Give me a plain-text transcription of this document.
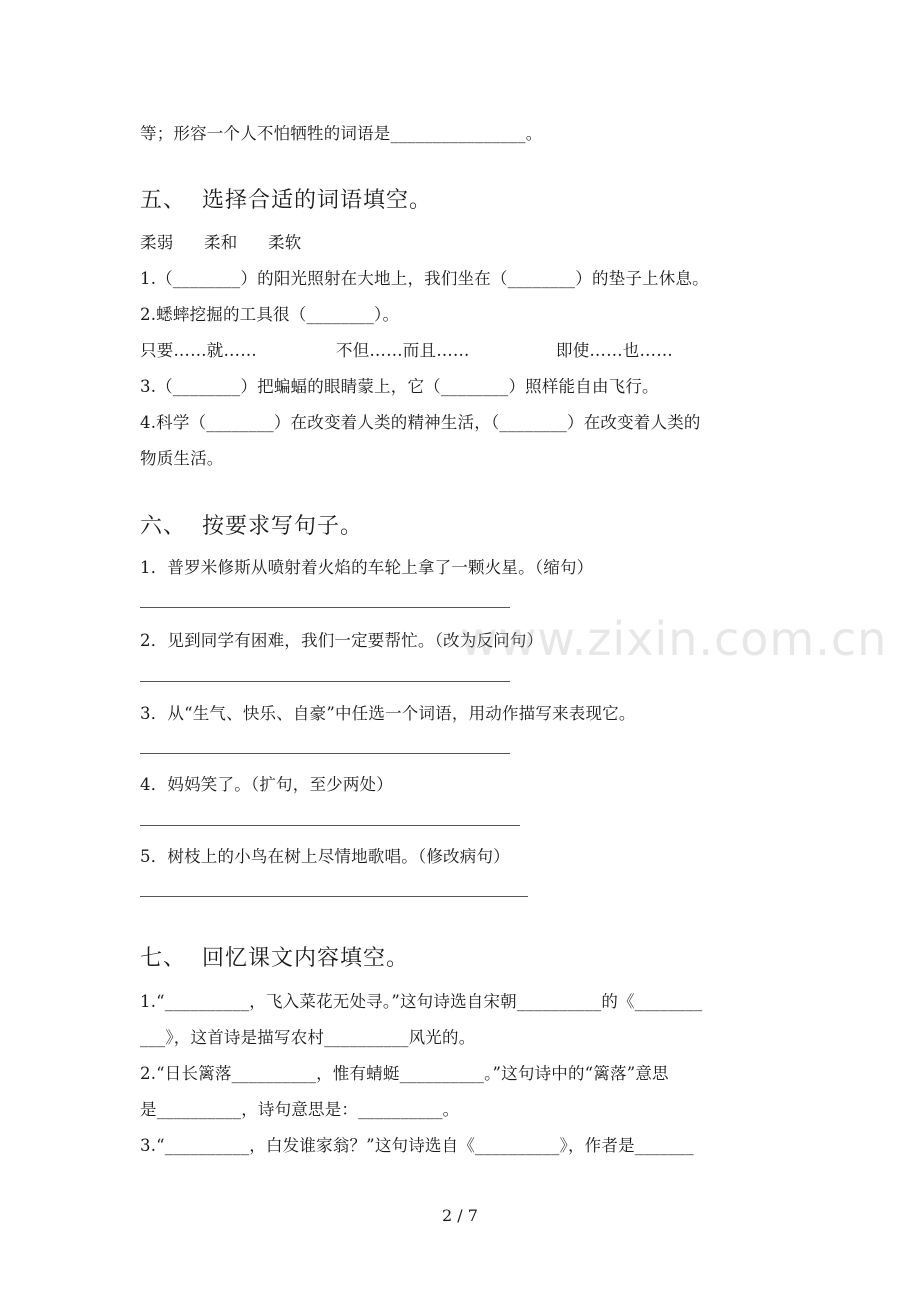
等；形容一个人不怕牺牲的词语是________________。
五、 选择合适的词语填空。
柔弱 柔和 柔软
1.（________）的阳光照射在大地上，我们坐在（________）的垫子上休息。
2.蟋蟀挖掘的工具很（________）。
只要……就……	不但……而且……	即使……也……
3.（________）把蝙蝠的眼睛蒙上，它（________）照样能自由飞行。
4.科学（________）在改变着人类的精神生活，（________）在改变着人类的
物质生活。
六、 按要求写句子。
1．普罗米修斯从喷射着火焰的车轮上拿了一颗火星。（缩句）
2．见到同学有困难，我们一定要帮忙。（改为反问句）
3．从“生气、快乐、自豪”中任选一个词语，用动作描写来表现它。
4．妈妈笑了。（扩句，至少两处）
5．树枝上的小鸟在树上尽情地歌唱。（修改病句）
七、 回忆课文内容填空。
1.“__________，飞入菜花无处寻。”这句诗选自宋朝__________的《________
___》，这首诗是描写农村__________风光的。
2.“日长篱落__________，惟有蜻蜓__________。”这句诗中的“篱落”意思
是__________，诗句意思是：__________。
3.“__________，白发谁家翁？”这句诗选自《__________》，作者是_______
www.zixin.com.cn
2 / 7
